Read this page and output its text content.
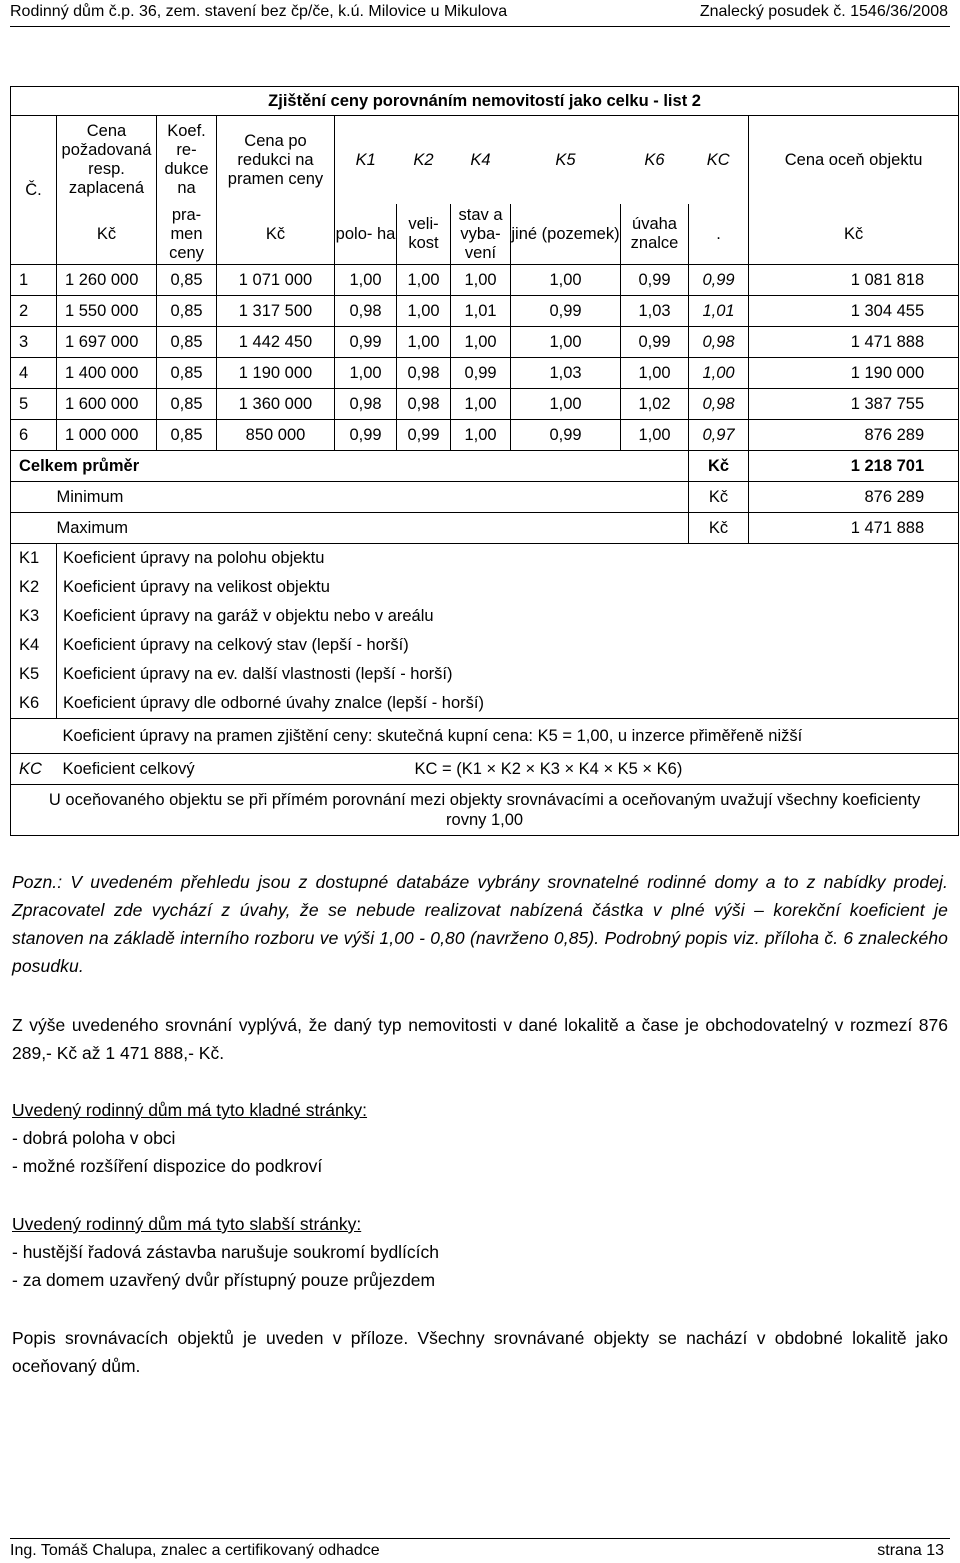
Rodinný dům č.p. 36, zem. stavení bez čp/če, k.ú. Milovice u Mikulova	Znalecký posudek č. 1546/36/2008
Zjištění ceny porovnáním nemovitostí jako celku - list 2										
Č.	Cena požadovaná resp. zaplacená	Koef. re- dukce na	Cena po redukci na pramen ceny	K1	K2	K4	K5	K6	KC	Cena oceň objektu
	Kč	pra- men ceny	Kč	polo- ha	veli- kost	stav a vyba- vení	jiné (pozemek)	úvaha znalce	.	Kč
1	1 260 000	0,85	1 071 000	1,00	1,00	1,00	1,00	0,99	0,99	1 081 818
2	1 550 000	0,85	1 317 500	0,98	1,00	1,01	0,99	1,03	1,01	1 304 455
3	1 697 000	0,85	1 442 450	0,99	1,00	1,00	1,00	0,99	0,98	1 471 888
4	1 400 000	0,85	1 190 000	1,00	0,98	0,99	1,03	1,00	1,00	1 190 000
5	1 600 000	0,85	1 360 000	0,98	0,98	1,00	1,00	1,02	0,98	1 387 755
6	1 000 000	0,85	850 000	0,99	0,99	1,00	0,99	1,00	0,97	876 289
Celkem průměr									Kč	1 218 701
	Minimum								Kč	876 289
	Maximum								Kč	1 471 888
K1	Koeficient úpravy na polohu objektu									
K2	Koeficient úpravy na velikost objektu									
K3	Koeficient úpravy na garáž v objektu nebo v areálu									
K4	Koeficient úpravy na celkový stav (lepší - horší)									
K5	Koeficient úpravy na ev. další vlastnosti (lepší - horší)									
K6	Koeficient úpravy dle odborné úvahy znalce (lepší - horší)									
	Koeficient úpravy na pramen zjištění ceny: skutečná kupní cena: K5 = 1,00, u inzerce přiměřeně nižší									
KC	Koeficient celkový				KC = (K1 × K2 × K3 × K4 × K5 × K6)					
U oceňovaného objektu se při přímém porovnání mezi objekty srovnávacími a oceňovaným uvažují všechny koeficienty rovny 1,00										
Pozn.: V uvedeném přehledu jsou z dostupné databáze vybrány srovnatelné rodinné domy a to z nabídky prodej. Zpracovatel zde vychází z úvahy, že se nebude realizovat nabízená částka v plné výši – korekční koeficient je stanoven na základě interního rozboru ve výši 1,00 - 0,80 (navrženo 0,85). Podrobný popis viz. příloha č. 6 znaleckého posudku.
Z výše uvedeného srovnání vyplývá, že daný typ nemovitosti v dané lokalitě a čase je obchodovatelný v rozmezí 876 289,- Kč až 1 471 888,- Kč.
Uvedený rodinný dům má tyto kladné stránky:
- dobrá poloha v obci
- možné rozšíření dispozice do podkroví
Uvedený rodinný dům má tyto slabší stránky:
- hustější řadová zástavba narušuje soukromí bydlících
- za domem uzavřený dvůr přístupný pouze průjezdem
Popis srovnávacích objektů je uveden v příloze. Všechny srovnávané objekty se nachází v obdobné lokalitě jako oceňovaný dům.
Ing. Tomáš Chalupa, znalec a certifikovaný odhadce	strana 13
